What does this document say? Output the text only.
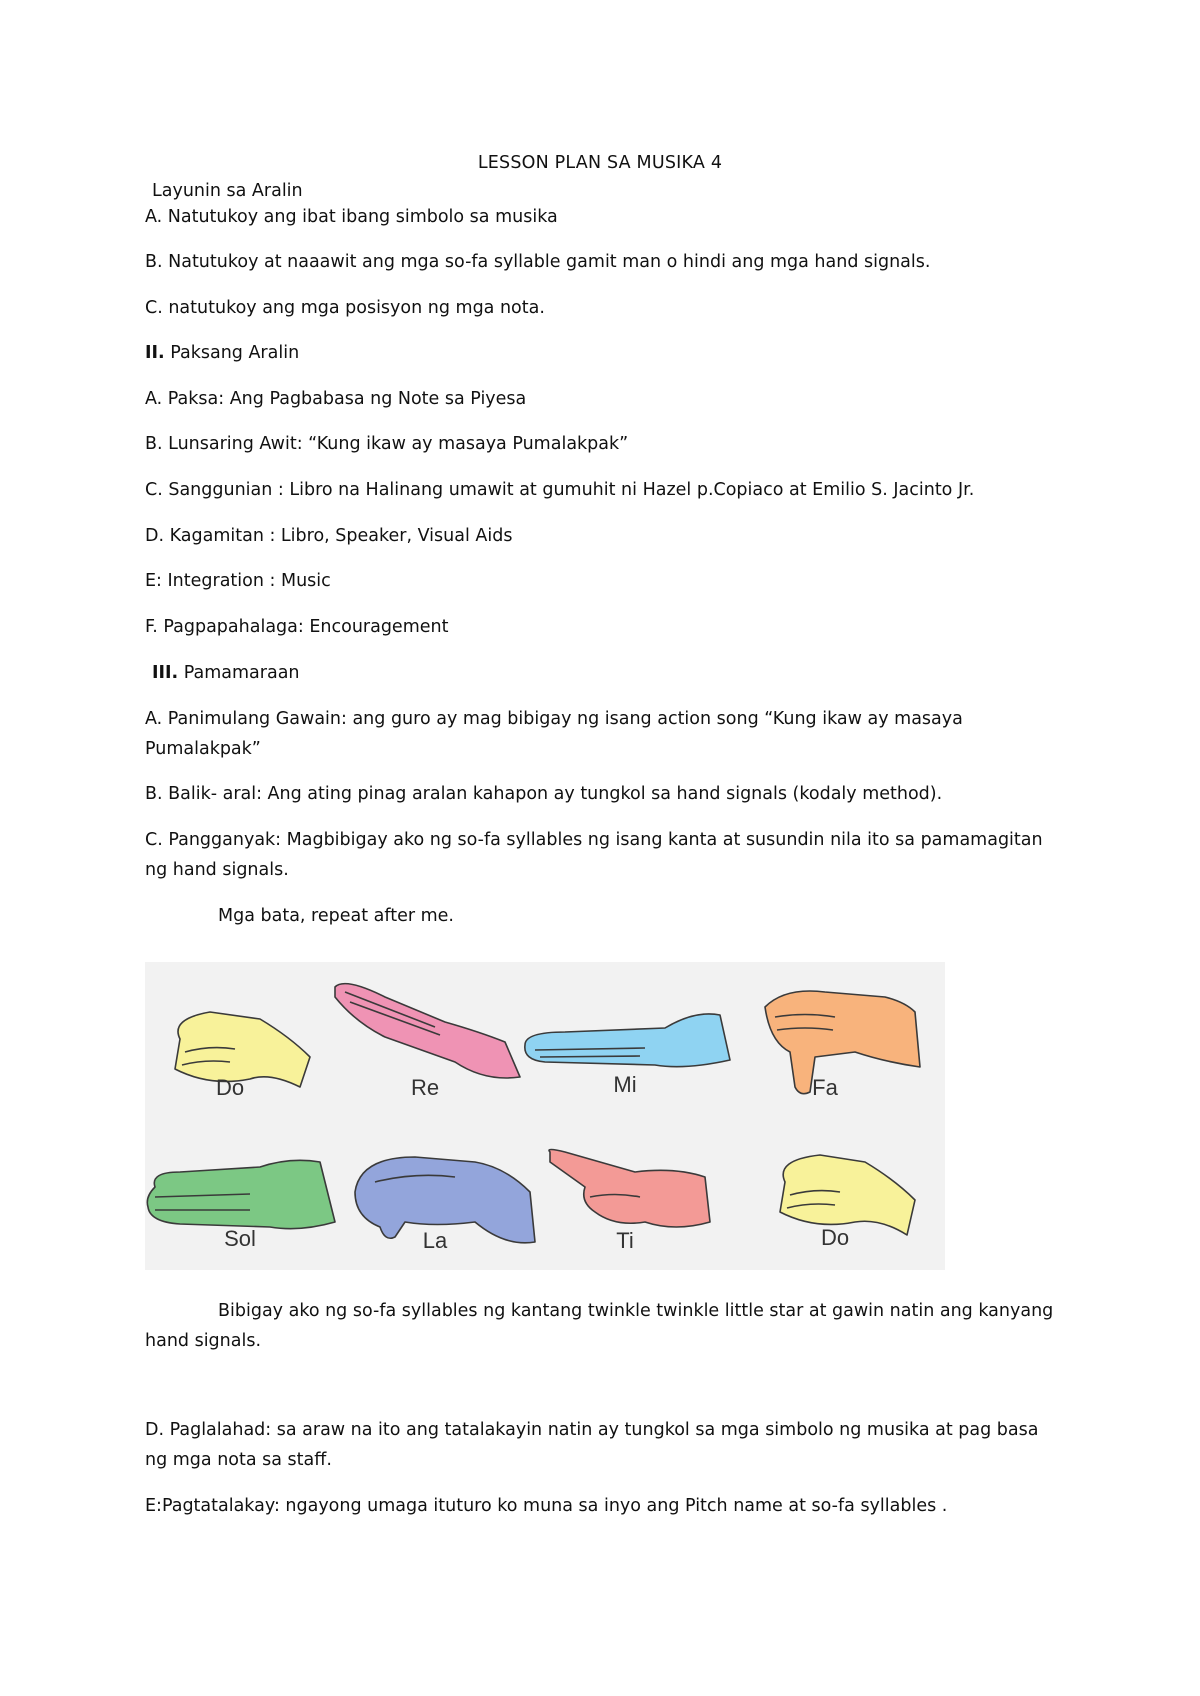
LESSON PLAN SA MUSIKA 4
Layunin sa Aralin
A. Natutukoy ang ibat ibang simbolo sa musika
B. Natutukoy at naaawit ang mga so-fa syllable gamit man o hindi ang mga hand signals.
C. natutukoy ang mga posisyon ng mga nota.
II. Paksang Aralin
A. Paksa: Ang Pagbabasa ng Note sa Piyesa
B. Lunsaring Awit: “Kung ikaw ay masaya Pumalakpak”
C. Sanggunian : Libro na Halinang umawit at gumuhit ni Hazel p.Copiaco at Emilio S. Jacinto Jr.
D. Kagamitan : Libro, Speaker, Visual Aids
E: Integration : Music
F. Pagpapahalaga: Encouragement
III. Pamamaraan
A. Panimulang Gawain: ang guro ay mag bibigay ng isang action song “Kung ikaw ay masaya Pumalakpak”
B. Balik- aral: Ang ating pinag aralan kahapon ay tungkol sa hand signals (kodaly method).
C. Pangganyak: Magbibigay ako ng so-fa syllables ng isang kanta at susundin nila ito sa pamamagitan ng hand signals.
Mga bata, repeat after me.
Do	Re	Mi	Fa
Sol	La	Ti	Do
Bibigay ako ng so-fa syllables ng kantang twinkle twinkle little star at gawin natin ang kanyang hand signals.
D. Paglalahad: sa araw na ito ang tatalakayin natin ay tungkol sa mga simbolo ng musika at pag basa ng mga nota sa staff.
E:Pagtatalakay: ngayong umaga ituturo ko muna sa inyo ang Pitch name at so-fa syllables .
